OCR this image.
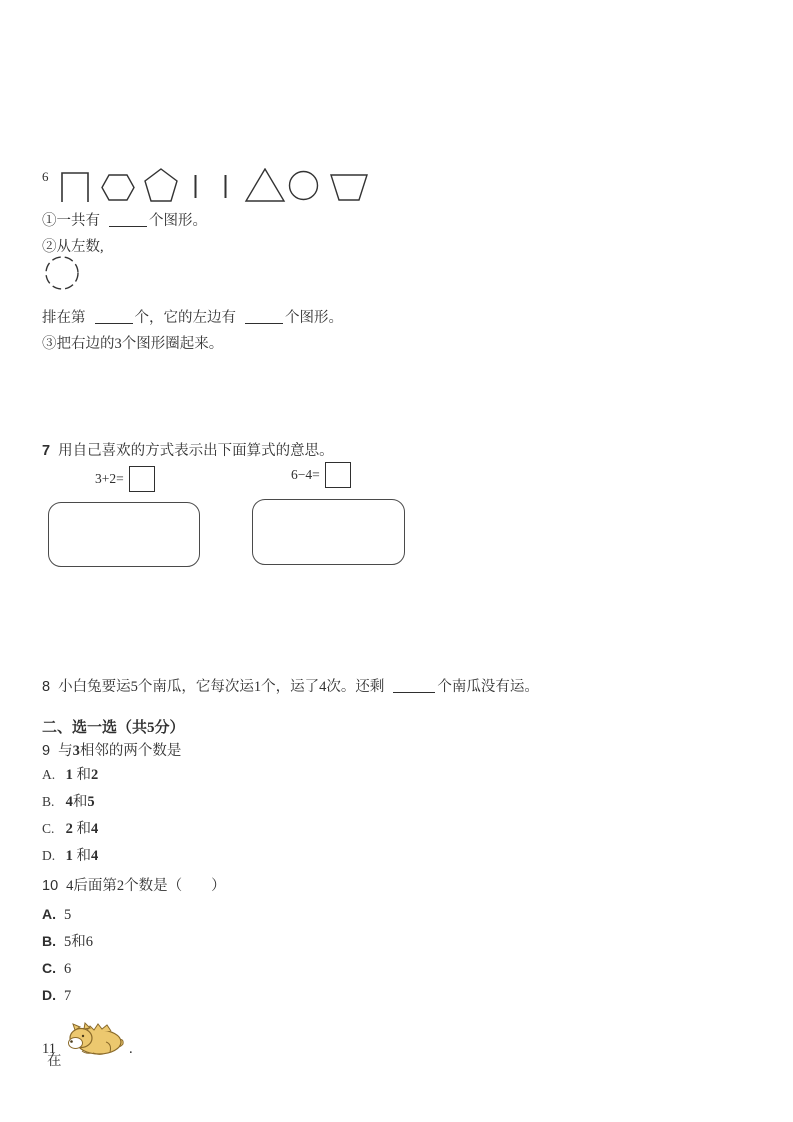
6
①一共有	个图形。
②从左数,
排在第	个，它的左边有	个图形。
③把右边的3个图形圈起来。
7 用自己喜欢的方式表示出下面算式的意思。
3+2=	6−4=
8 小白兔要运5个南瓜，它每次运1个，运了4次。还剩	个南瓜没有运。
二、选一选（共5分）
9 与3相邻的两个数是
A. 1 和2
B. 4和5
C. 2 和4
D. 1 和4
10 4后面第2个数是（　　）
A. 5
B. 5和6
C. 6
D. 7
11	.
在
